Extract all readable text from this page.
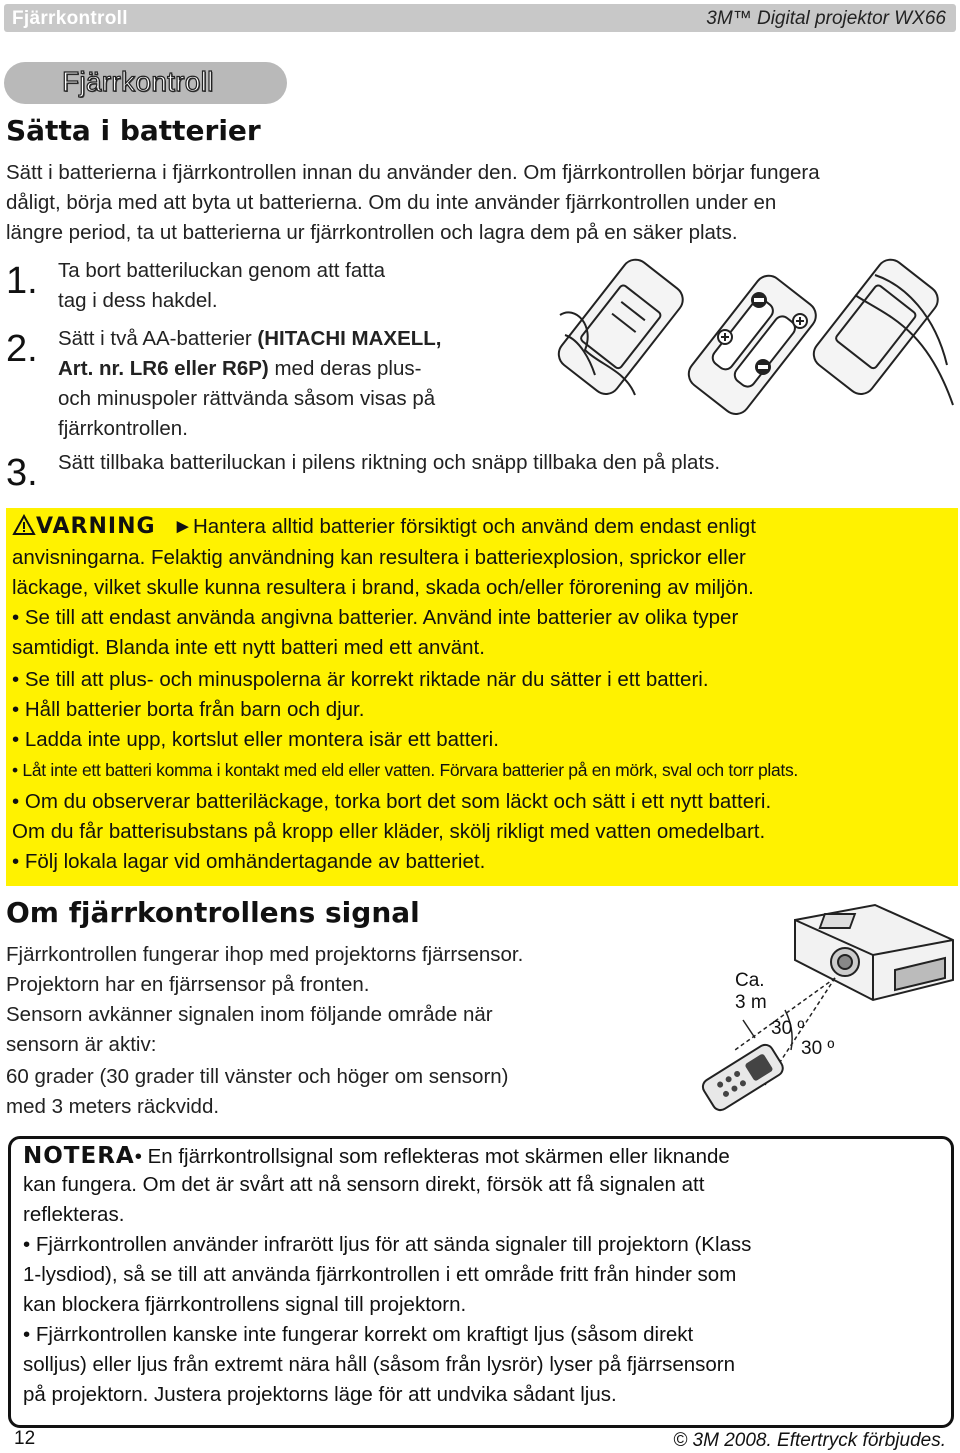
Fjärrkontroll	3M™ Digital projektor WX66
Fjärrkontroll
Sätta i batterier
Sätt i batterierna i fjärrkontrollen innan du använder den. Om fjärrkontrollen börjar fungera
dåligt, börja med att byta ut batterierna. Om du inte använder fjärrkontrollen under en
längre period, ta ut batterierna ur fjärrkontrollen och lagra dem på en säker plats.
1. Ta bort batteriluckan genom att fatta
tag i dess hakdel.
2. Sätt i två AA-batterier (HITACHI MAXELL,
Art. nr. LR6 eller R6P) med deras plus-
och minuspoler rättvända såsom visas på
fjärrkontrollen.
3. Sätt tillbaka batteriluckan i pilens riktning och snäpp tillbaka den på plats.
VARNING ►Hantera alltid batterier försiktigt och använd dem endast enligt
anvisningarna. Felaktig användning kan resultera i batteriexplosion, sprickor eller
läckage, vilket skulle kunna resultera i brand, skada och/eller förorening av miljön.
• Se till att endast använda angivna batterier. Använd inte batterier av olika typer
samtidigt. Blanda inte ett nytt batteri med ett använt.
• Se till att plus- och minuspolerna är korrekt riktade när du sätter i ett batteri.
• Håll batterier borta från barn och djur.
• Ladda inte upp, kortslut eller montera isär ett batteri.
• Låt inte ett batteri komma i kontakt med eld eller vatten. Förvara batterier på en mörk, sval och torr plats.
• Om du observerar batteriläckage, torka bort det som läckt och sätt i ett nytt batteri.
Om du får batterisubstans på kropp eller kläder, skölj rikligt med vatten omedelbart.
• Följ lokala lagar vid omhändertagande av batteriet.
Om fjärrkontrollens signal
Fjärrkontrollen fungerar ihop med projektorns fjärrsensor.
Projektorn har en fjärrsensor på fronten.
Sensorn avkänner signalen inom följande område när
sensorn är aktiv:
60 grader (30 grader till vänster och höger om sensorn)
med 3 meters räckvidd.
Ca.
3 m
30 º
30 º
NOTERA• En fjärrkontrollsignal som reflekteras mot skärmen eller liknande
kan fungera. Om det är svårt att nå sensorn direkt, försök att få signalen att
reflekteras.
• Fjärrkontrollen använder infrarött ljus för att sända signaler till projektorn (Klass
1-lysdiod), så se till att använda fjärrkontrollen i ett område fritt från hinder som
kan blockera fjärrkontrollens signal till projektorn.
• Fjärrkontrollen kanske inte fungerar korrekt om kraftigt ljus (såsom direkt
solljus) eller ljus från extremt nära håll (såsom från lysrör) lyser på fjärrsensorn
på projektorn. Justera projektorns läge för att undvika sådant ljus.
12	© 3M 2008. Eftertryck förbjudes.
